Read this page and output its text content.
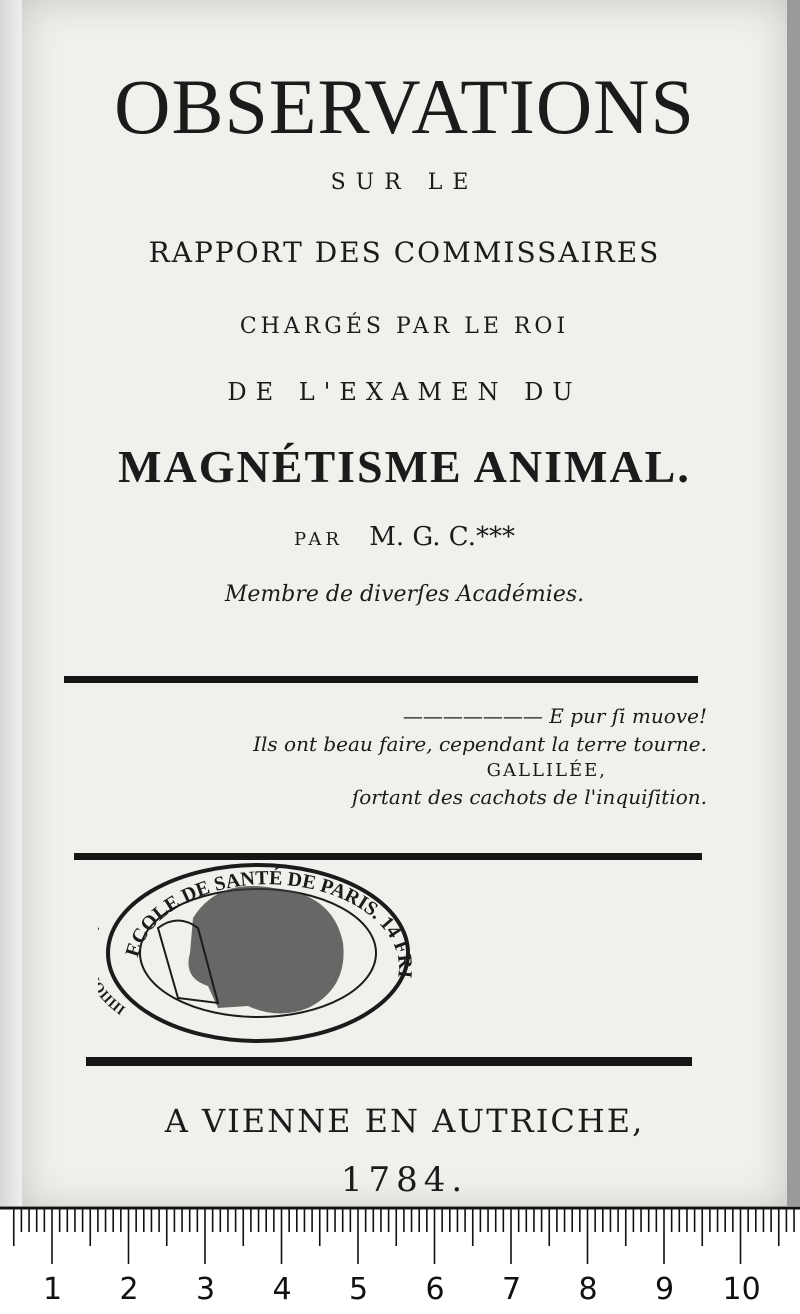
OBSERVATIONS
SUR LE
RAPPORT DES COMMISSAIRES
CHARGÉS PAR LE ROI
DE L'EXAMEN DU
MAGNÉTISME ANIMAL.
PAR M. G. C.***
Membre de diverſes Académies.
——————— E pur ſi muove!
Ils ont beau faire, cependant la terre tourne.
GALLILÉE,
ſortant des cachots de l'inquiſition.
ECOLE DE SANTÉ DE PARIS. 14 FRI
ΙΠΠ
A VIENNE EN AUTRICHE,
1784.
1 2 3 4 5 6 7 8 9 10
